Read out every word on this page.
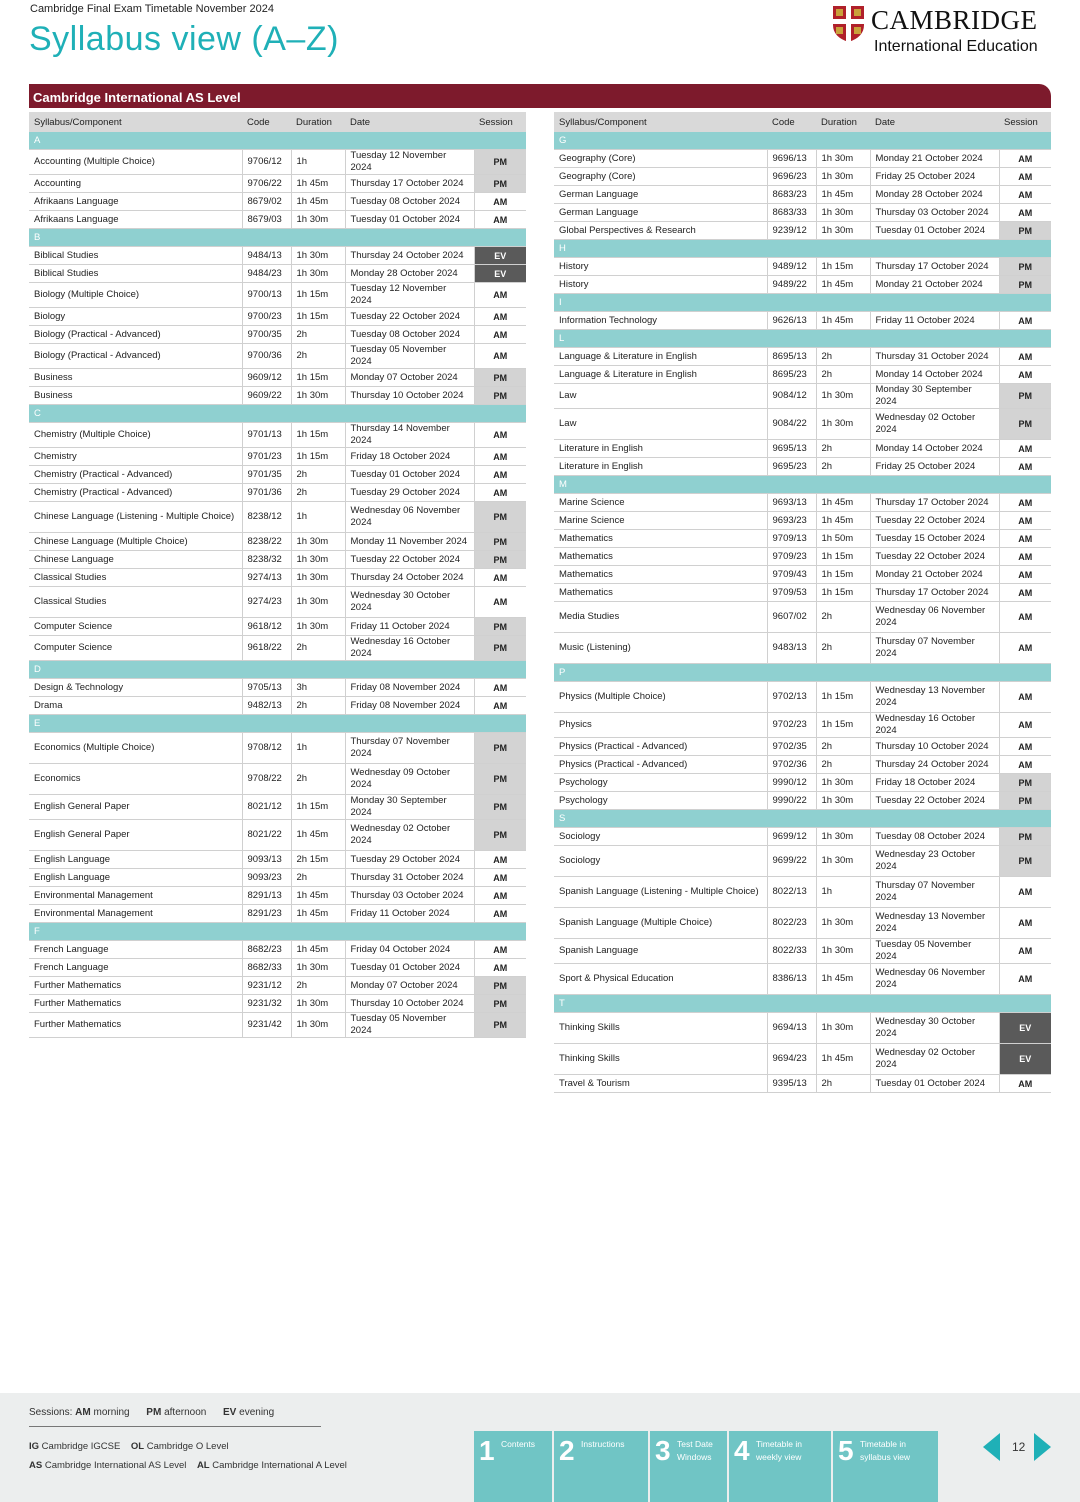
Cambridge Final Exam Timetable November 2024
Syllabus view (A–Z)	CAMBRIDGE
International Education
Cambridge International AS Level
Syllabus/Component	Code	Duration	Date	Session
A				
Accounting (Multiple Choice)	9706/12	1h	Tuesday 12 November 2024	PM
Accounting	9706/22	1h 45m	Thursday 17 October 2024	PM
Afrikaans Language	8679/02	1h 45m	Tuesday 08 October 2024	AM
Afrikaans Language	8679/03	1h 30m	Tuesday 01 October 2024	AM
B				
Biblical Studies	9484/13	1h 30m	Thursday 24 October 2024	EV
Biblical Studies	9484/23	1h 30m	Monday 28 October 2024	EV
Biology (Multiple Choice)	9700/13	1h 15m	Tuesday 12 November 2024	AM
Biology	9700/23	1h 15m	Tuesday 22 October 2024	AM
Biology (Practical - Advanced)	9700/35	2h	Tuesday 08 October 2024	AM
Biology (Practical - Advanced)	9700/36	2h	Tuesday 05 November 2024	AM
Business	9609/12	1h 15m	Monday 07 October 2024	PM
Business	9609/22	1h 30m	Thursday 10 October 2024	PM
C				
Chemistry (Multiple Choice)	9701/13	1h 15m	Thursday 14 November 2024	AM
Chemistry	9701/23	1h 15m	Friday 18 October 2024	AM
Chemistry (Practical - Advanced)	9701/35	2h	Tuesday 01 October 2024	AM
Chemistry (Practical - Advanced)	9701/36	2h	Tuesday 29 October 2024	AM
Chinese Language (Listening - Multiple Choice)	8238/12	1h	Wednesday 06 November 2024	PM
Chinese Language (Multiple Choice)	8238/22	1h 30m	Monday 11 November 2024	PM
Chinese Language	8238/32	1h 30m	Tuesday 22 October 2024	PM
Classical Studies	9274/13	1h 30m	Thursday 24 October 2024	AM
Classical Studies	9274/23	1h 30m	Wednesday 30 October 2024	AM
Computer Science	9618/12	1h 30m	Friday 11 October 2024	PM
Computer Science	9618/22	2h	Wednesday 16 October 2024	PM
D				
Design & Technology	9705/13	3h	Friday 08 November 2024	AM
Drama	9482/13	2h	Friday 08 November 2024	AM
E				
Economics (Multiple Choice)	9708/12	1h	Thursday 07 November 2024	PM
Economics	9708/22	2h	Wednesday 09 October 2024	PM
English General Paper	8021/12	1h 15m	Monday 30 September 2024	PM
English General Paper	8021/22	1h 45m	Wednesday 02 October 2024	PM
English Language	9093/13	2h 15m	Tuesday 29 October 2024	AM
English Language	9093/23	2h	Thursday 31 October 2024	AM
Environmental Management	8291/13	1h 45m	Thursday 03 October 2024	AM
Environmental Management	8291/23	1h 45m	Friday 11 October 2024	AM
F				
French Language	8682/23	1h 45m	Friday 04 October 2024	AM
French Language	8682/33	1h 30m	Tuesday 01 October 2024	AM
Further Mathematics	9231/12	2h	Monday 07 October 2024	PM
Further Mathematics	9231/32	1h 30m	Thursday 10 October 2024	PM
Further Mathematics	9231/42	1h 30m	Tuesday 05 November 2024	PM
Syllabus/Component	Code	Duration	Date	Session
G				
Geography (Core)	9696/13	1h 30m	Monday 21 October 2024	AM
Geography (Core)	9696/23	1h 30m	Friday 25 October 2024	AM
German Language	8683/23	1h 45m	Monday 28 October 2024	AM
German Language	8683/33	1h 30m	Thursday 03 October 2024	AM
Global Perspectives & Research	9239/12	1h 30m	Tuesday 01 October 2024	PM
H				
History	9489/12	1h 15m	Thursday 17 October 2024	PM
History	9489/22	1h 45m	Monday 21 October 2024	PM
I				
Information Technology	9626/13	1h 45m	Friday 11 October 2024	AM
L				
Language & Literature in English	8695/13	2h	Thursday 31 October 2024	AM
Language & Literature in English	8695/23	2h	Monday 14 October 2024	AM
Law	9084/12	1h 30m	Monday 30 September 2024	PM
Law	9084/22	1h 30m	Wednesday 02 October 2024	PM
Literature in English	9695/13	2h	Monday 14 October 2024	AM
Literature in English	9695/23	2h	Friday 25 October 2024	AM
M				
Marine Science	9693/13	1h 45m	Thursday 17 October 2024	AM
Marine Science	9693/23	1h 45m	Tuesday 22 October 2024	AM
Mathematics	9709/13	1h 50m	Tuesday 15 October 2024	AM
Mathematics	9709/23	1h 15m	Tuesday 22 October 2024	AM
Mathematics	9709/43	1h 15m	Monday 21 October 2024	AM
Mathematics	9709/53	1h 15m	Thursday 17 October 2024	AM
Media Studies	9607/02	2h	Wednesday 06 November 2024	AM
Music (Listening)	9483/13	2h	Thursday 07 November 2024	AM
P				
Physics (Multiple Choice)	9702/13	1h 15m	Wednesday 13 November 2024	AM
Physics	9702/23	1h 15m	Wednesday 16 October 2024	AM
Physics (Practical - Advanced)	9702/35	2h	Thursday 10 October 2024	AM
Physics (Practical - Advanced)	9702/36	2h	Thursday 24 October 2024	AM
Psychology	9990/12	1h 30m	Friday 18 October 2024	PM
Psychology	9990/22	1h 30m	Tuesday 22 October 2024	PM
S				
Sociology	9699/12	1h 30m	Tuesday 08 October 2024	PM
Sociology	9699/22	1h 30m	Wednesday 23 October 2024	PM
Spanish Language (Listening - Multiple Choice)	8022/13	1h	Thursday 07 November 2024	AM
Spanish Language (Multiple Choice)	8022/23	1h 30m	Wednesday 13 November 2024	AM
Spanish Language	8022/33	1h 30m	Tuesday 05 November 2024	AM
Sport & Physical Education	8386/13	1h 45m	Wednesday 06 November 2024	AM
T				
Thinking Skills	9694/13	1h 30m	Wednesday 30 October 2024	EV
Thinking Skills	9694/23	1h 45m	Wednesday 02 October 2024	EV
Travel & Tourism	9395/13	2h	Tuesday 01 October 2024	AM
Sessions: AM morning PM afternoon EV evening
IG Cambridge IGCSE OL Cambridge O Level
AS Cambridge International AS Level AL Cambridge International A Level	1 Contents 2 Instructions 3 Test Date Windows 4 Timetable in weekly view	5 Timetable in syllabus view
12
